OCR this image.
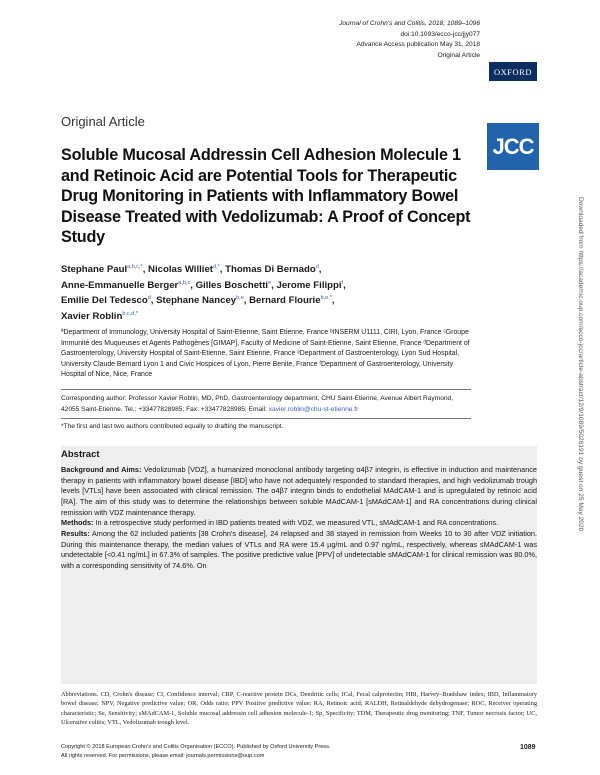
Journal of Crohn's and Colitis, 2018, 1089–1096
doi:10.1093/ecco-jcc/jjy077
Advance Access publication May 31, 2018
Original Article
OXFORD
JCC
Original Article
Soluble Mucosal Addressin Cell Adhesion Molecule 1 and Retinoic Acid are Potential Tools for Therapeutic Drug Monitoring in Patients with Inflammatory Bowel Disease Treated with Vedolizumab: A Proof of Concept Study
Stephane Paul$^{a,b,c,*}$, Nicolas Williet$^{d,*}$, Thomas Di Bernado$^d$,
Anne-Emmanuelle Berger$^{a,b,c}$, Gilles Boschetti$^e$, Jerome Filippi$^f$,
Emilie Del Tedesco$^d$, Stephane Nancey$^{b,e}$, Bernard Flourie$^{b,e,*}$,
Xavier Roblin$^{b,c,d,*}$
ªDepartment of Immunology, University Hospital of Saint-Etienne, Saint Etienne, France ᵇINSERM U1111, CIRI, Lyon, France ᶜGroupe Immunité des Muqueuses et Agents Pathogènes [GIMAP], Faculty of Medicine of Saint-Etienne, Saint Etienne, France ᵈDepartment of Gastroenterology, University Hospital of Saint-Etienne, Saint Etienne, France ᵉDepartment of Gastroenterology, Lyon Sud Hospital, University Claude Bernard Lyon 1 and Civic Hospices of Lyon, Pierre Benite, France ᶠDepartment of Gastroenterology, University Hospital of Nice, Nice, France
Corresponding author: Professor Xavier Roblin, MD, PhD, Gastroenterology department, CHU Saint-Etienne, Avenue Albert Raymond, 42055 Saint-Etienne. Tel.: +33477828985; Fax: +33477828985; Email: xavier.roblin@chu-st-etienne.fr
*The first and last two authors contributed equally to drafting the manuscript.
Abstract

Background and Aims: Vedolizumab [VDZ], a humanized monoclonal antibody targeting α4β7 integrin, is effective in induction and maintenance therapy in patients with inflammatory bowel disease [IBD] who have not adequately responded to standard therapies, and high vedolizumab trough levels [VTLs] have been associated with clinical remission. The α4β7 integrin binds to endothelial MAdCAM-1 and is upregulated by retinoic acid [RA]. The aim of this study was to determine the relationships between soluble MAdCAM-1 [sMAdCAM-1] and RA concentrations during clinical remission with VDZ maintenance therapy.

Methods: In a retrospective study performed in IBD patients treated with VDZ, we measured VTL, sMAdCAM-1 and RA concentrations.

Results: Among the 62 included patients [38 Crohn's disease], 24 relapsed and 38 stayed in remission from Weeks 10 to 30 after VDZ initiation. During this maintenance therapy, the median values of VTLs and RA were 15.4 µg/mL and 0.97 ng/mL, respectively, whereas sMAdCAM-1 was undetectable [<0.41 ng/mL] in 67.3% of samples. The positive predictive value [PPV] of undetectable sMAdCAM-1 for clinical remission was 80.0%, with a corresponding sensitivity of 74.6%. On

Abbreviations. CD, Crohn's disease; CI, Confidence interval; CRP, C-reactive protein DCs, Dendritic cells; fCal, Fecal calprotectin; HBI, Harvey–Bradshaw index; IBD, Inflammatory bowel disease; NPV, Negative predictive value; OR, Odds ratio; PPV Positive predictive value; RA, Retinoic acid; RALDH, Retinaldehyde dehydrogenase; ROC, Receiver operating characteristic; Se, Sensitivity; sMAdCAM-1, Soluble mucosal addressin cell adhesion molecule-1; Sp, Specificity; TDM, Therapeutic drug monitoring; TNF, Tumor necrosis factor; UC, Ulcerative colitis; VTL, Vedolizumab trough level.
Copyright © 2018 European Crohn's and Colitis Organisation (ECCO). Published by Oxford University Press.
All rights reserved. For permissions, please email: journals.permissions@oup.com
1089
Downloaded from https://academic.oup.com/ecco-jcc/article-abstract/12/9/1089/5026191 by guest on 25 May 2020
